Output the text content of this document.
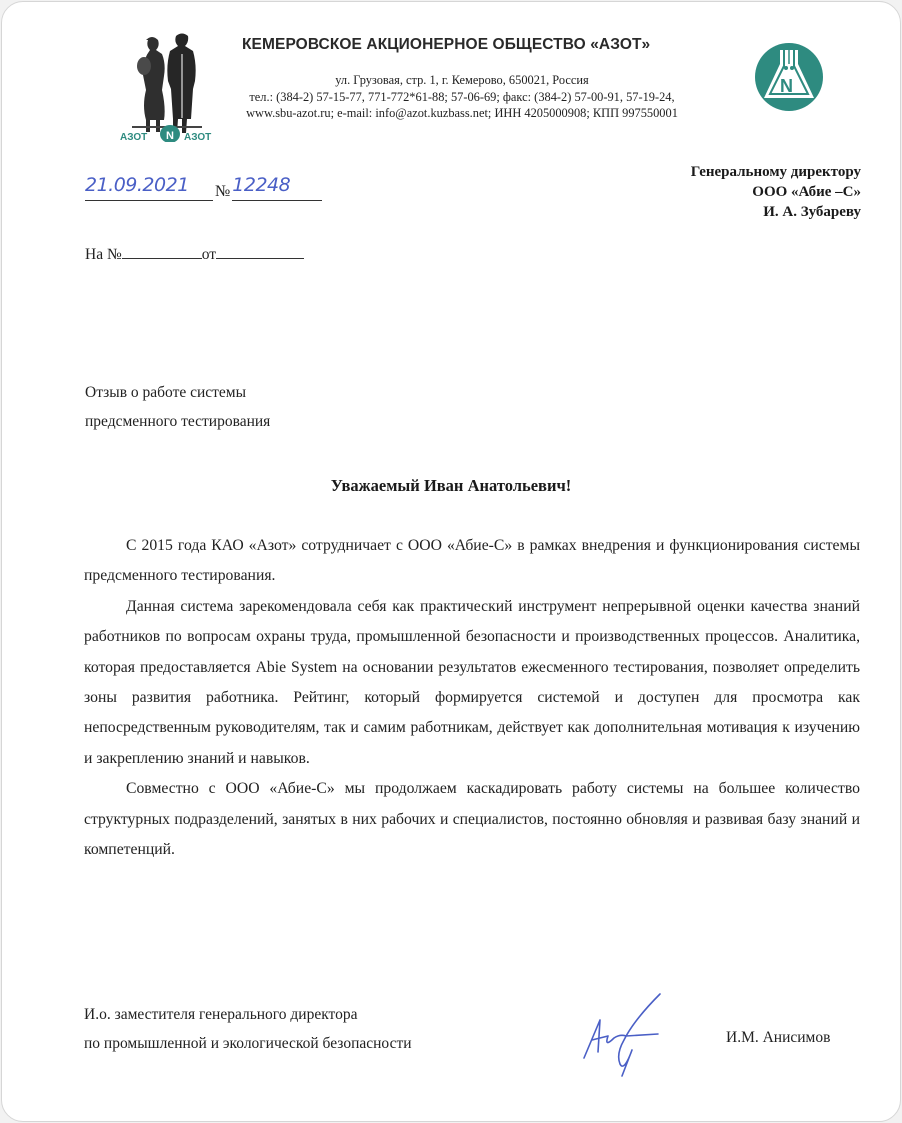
АЗОТ N АЗОТ
КЕМЕРОВСКОЕ АКЦИОНЕРНОЕ ОБЩЕСТВО «АЗОТ»
ул. Грузовая, стр. 1, г. Кемерово, 650021, Россия
тел.: (384-2) 57-15-77, 771-772*61-88; 57-06-69; факс: (384-2) 57-00-91, 57-19-24,
www.sbu-azot.ru; e-mail: info@azot.kuzbass.net; ИНН 4205000908; КПП 997550001
N
21.09.2021 № 12248
Генеральному директору
ООО «Абие –С»
И. А. Зубареву
На №	от
Отзыв о работе системы
предсменного тестирования
Уважаемый Иван Анатольевич!

С 2015 года КАО «Азот» сотрудничает с ООО «Абие-С» в рамках внедрения и функционирования системы предсменного тестирования.

Данная система зарекомендовала себя как практический инструмент непрерывной оценки качества знаний работников по вопросам охраны труда, промышленной безопасности и производственных процессов. Аналитика, которая предоставляется Abie System на основании результатов ежесменного тестирования, позволяет определить зоны развития работника. Рейтинг, который формируется системой и доступен для просмотра как непосредственным руководителям, так и самим работникам, действует как дополнительная мотивация к изучению и закреплению знаний и навыков.

Совместно с ООО «Абие-С» мы продолжаем каскадировать работу системы на большее количество структурных подразделений, занятых в них рабочих и специалистов, постоянно обновляя и развивая базу знаний и компетенций.

И.о. заместителя генерального директора
по промышленной и экологической безопасности	И.М. Анисимов
